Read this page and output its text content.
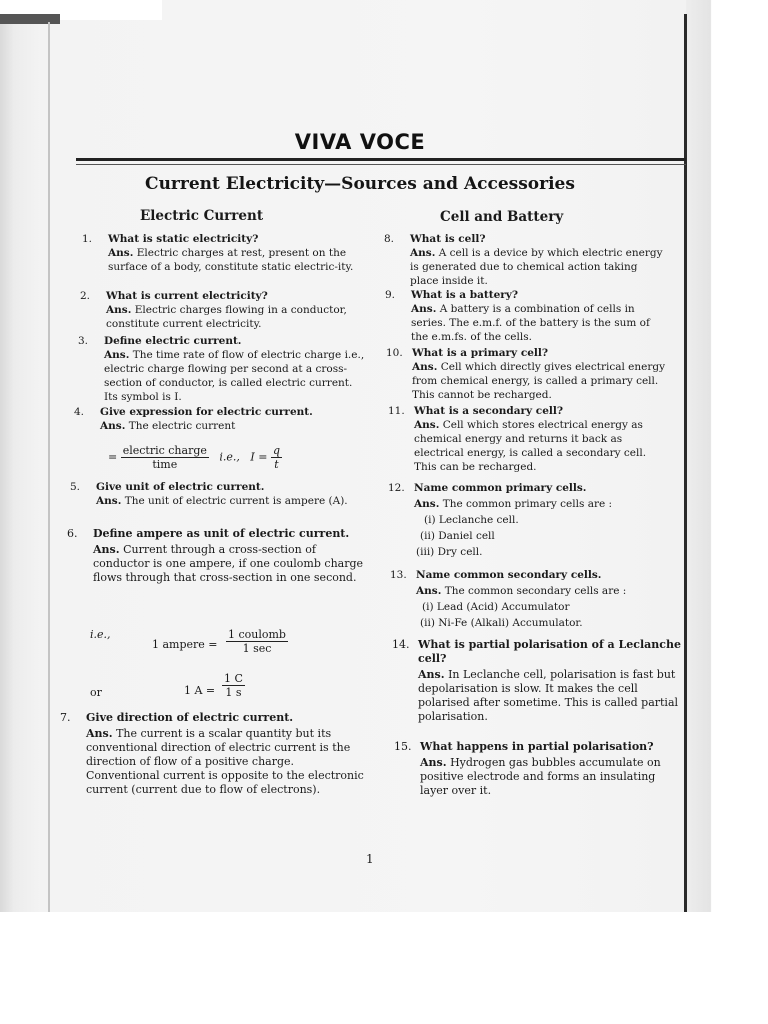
VIVA VOCE
Current Electricity—Sources and Accessories
Electric Current	Cell and Battery
1. What is static electricity?
Ans. Electric charges at rest, present on the surface of a body, constitute static electric-ity.
2. What is current electricity?
Ans. Electric charges flowing in a conductor, constitute current electricity.
3. Define electric current.
Ans. The time rate of flow of electric charge i.e., electric charge flowing per second at a cross-section of conductor, is called electric current. Its symbol is I.
4. Give expression for electric current.
Ans. The electric current
= $\frac{\text{electric charge}}{\text{time}} i.e$., $I = \frac{q}{t}$
5. Give unit of electric current.
Ans. The unit of electric current is ampere (A).
6. Define ampere as unit of electric current.
Ans. Current through a cross-section of conductor is one ampere, if one coulomb charge flows through that cross-section in one second.
i.e.,
1 ampere =
1 coulomb
1 sec
or	1 $A = \frac{1 C}{1 s}$
7. Give direction of electric current.
Ans. The current is a scalar quantity but its conventional direction of electric current is the direction of flow of a positive charge. Conventional current is opposite to the electronic current (current due to flow of electrons).
8. What is cell?
Ans. A cell is a device by which electric energy is generated due to chemical action taking place inside it.
9. What is a battery?
Ans. A battery is a combination of cells in series. The e.m.f. of the battery is the sum of the e.m.fs. of the cells.
10. What is a primary cell?
Ans. Cell which directly gives electrical energy from chemical energy, is called a primary cell. This cannot be recharged.
11. What is a secondary cell?
Ans. Cell which stores electrical energy as chemical energy and returns it back as electrical energy, is called a secondary cell. This can be recharged.
12. Name common primary cells.
Ans. The common primary cells are :
(i) Leclanche cell.
(ii) Daniel cell
(iii) Dry cell.
13. Name common secondary cells.
Ans. The common secondary cells are :
(i) Lead (Acid) Accumulator
(ii) Ni-Fe (Alkali) Accumulator.
14. What is partial polarisation of a Leclanche cell?
Ans. In Leclanche cell, polarisation is fast but depolarisation is slow. It makes the cell polarised after sometime. This is called partial polarisation.
15. What happens in partial polarisation?
Ans. Hydrogen gas bubbles accumulate on positive electrode and forms an insulating layer over it.
1
